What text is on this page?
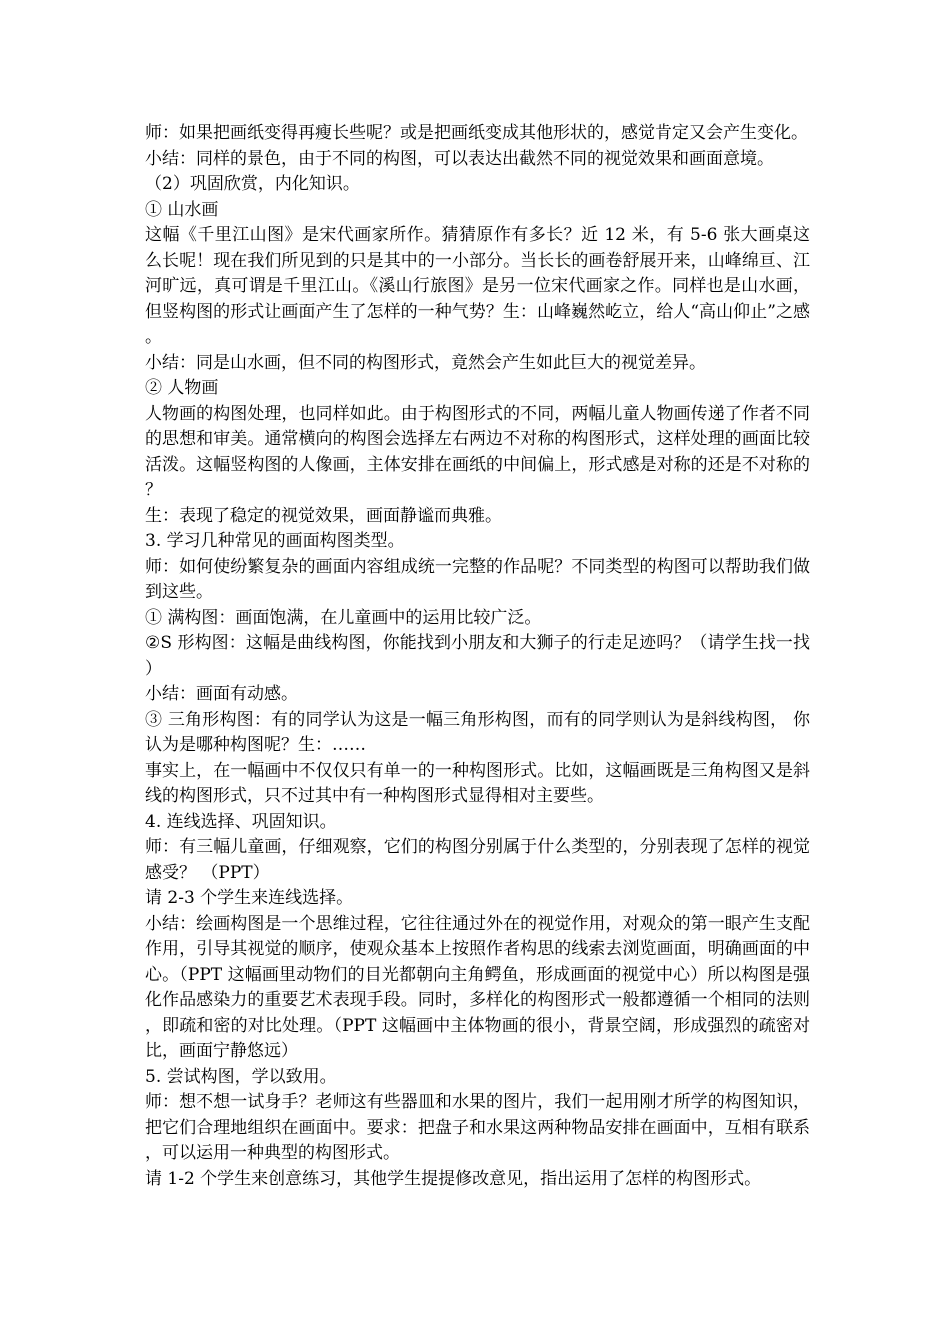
师：如果把画纸变得再瘦长些呢？或是把画纸变成其他形状的，感觉肯定又会产生变化。

小结：同样的景色，由于不同的构图，可以表达出截然不同的视觉效果和画面意境。

（2）巩固欣赏，内化知识。

① 山水画

这幅《千里江山图》是宋代画家所作。猜猜原作有多长？近 12 米，有 5-6 张大画桌这么长呢！现在我们所见到的只是其中的一小部分。当长长的画卷舒展开来，山峰绵亘、江河旷远，真可谓是千里江山。《溪山行旅图》是另一位宋代画家之作。同样也是山水画，但竖构图的形式让画面产生了怎样的一种气势？生：山峰巍然屹立，给人“高山仰止”之感。

小结：同是山水画，但不同的构图形式，竟然会产生如此巨大的视觉差异。

② 人物画

人物画的构图处理，也同样如此。由于构图形式的不同，两幅儿童人物画传递了作者不同的思想和审美。通常横向的构图会选择左右两边不对称的构图形式，这样处理的画面比较活泼。这幅竖构图的人像画，主体安排在画纸的中间偏上，形式感是对称的还是不对称的？

生：表现了稳定的视觉效果，画面静谧而典雅。

3. 学习几种常见的画面构图类型。

师：如何使纷繁复杂的画面内容组成统一完整的作品呢？不同类型的构图可以帮助我们做到这些。

① 满构图：画面饱满，在儿童画中的运用比较广泛。

②S 形构图：这幅是曲线构图，你能找到小朋友和大狮子的行走足迹吗？（请学生找一找）

小结：画面有动感。

③ 三角形构图：有的同学认为这是一幅三角形构图，而有的同学则认为是斜线构图， 你认为是哪种构图呢？生：……

事实上，在一幅画中不仅仅只有单一的一种构图形式。比如，这幅画既是三角构图又是斜线的构图形式，只不过其中有一种构图形式显得相对主要些。

4. 连线选择、巩固知识。

师：有三幅儿童画，仔细观察，它们的构图分别属于什么类型的，分别表现了怎样的视觉感受？ （PPT）

请 2-3 个学生来连线选择。

小结：绘画构图是一个思维过程，它往往通过外在的视觉作用，对观众的第一眼产生支配作用，引导其视觉的顺序，使观众基本上按照作者构思的线索去浏览画面，明确画面的中心。（PPT 这幅画里动物们的目光都朝向主角鳄鱼，形成画面的视觉中心）所以构图是强化作品感染力的重要艺术表现手段。同时，多样化的构图形式一般都遵循一个相同的法则，即疏和密的对比处理。（PPT 这幅画中主体物画的很小，背景空阔，形成强烈的疏密对比，画面宁静悠远）

5. 尝试构图，学以致用。

师：想不想一试身手？老师这有些器皿和水果的图片，我们一起用刚才所学的构图知识，把它们合理地组织在画面中。要求：把盘子和水果这两种物品安排在画面中，互相有联系，可以运用一种典型的构图形式。

请 1-2 个学生来创意练习，其他学生提提修改意见，指出运用了怎样的构图形式。
